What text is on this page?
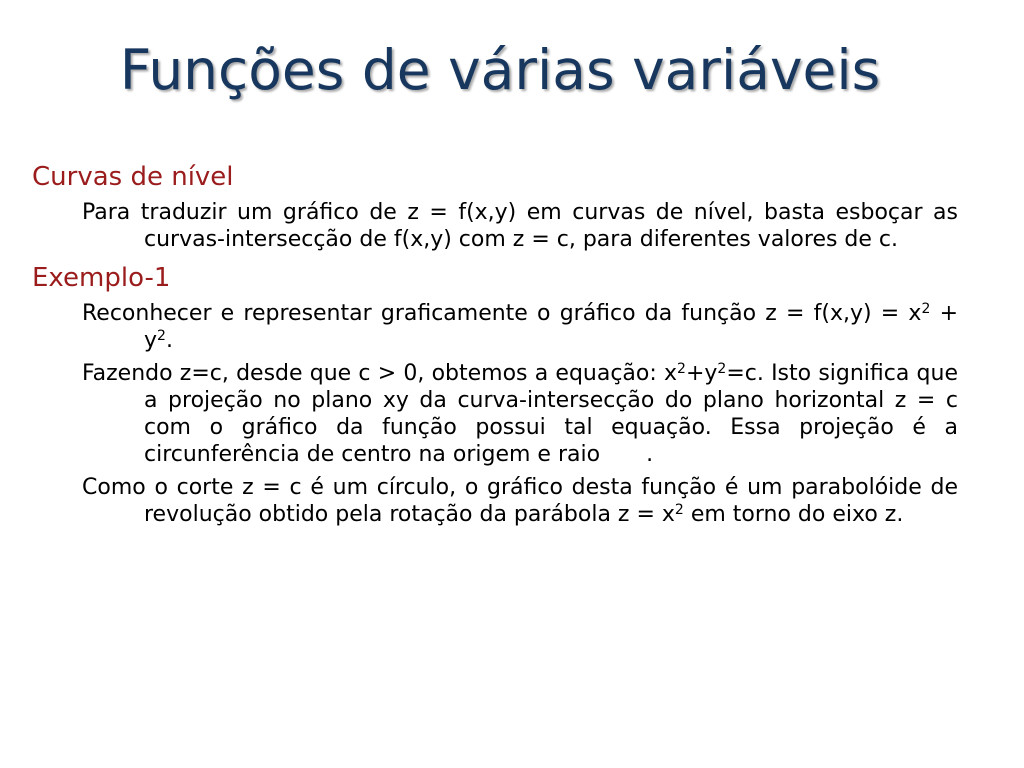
Funções de várias variáveis
Curvas de nível
Para traduzir um gráfico de z = f(x,y) em curvas de nível, basta esboçar as curvas-intersecção de f(x,y) com z = c, para diferentes valores de c.
Exemplo-1
Reconhecer e representar graficamente o gráfico da função $z = f(x,y) = x^2 + y^2$.
Fazendo z=c, desde que c > 0, obtemos a equação: $x^2+y^2=c$. Isto significa que a projeção no plano xy da curva-intersecção do plano horizontal z = c com o gráfico da função possui tal equação. Essa projeção é a circunferência de centro na origem e raio .
Como o corte z = c é um círculo, o gráfico desta função é um parabolóide de revolução obtido pela rotação da parábola $z = x^2$ em torno do eixo z.
